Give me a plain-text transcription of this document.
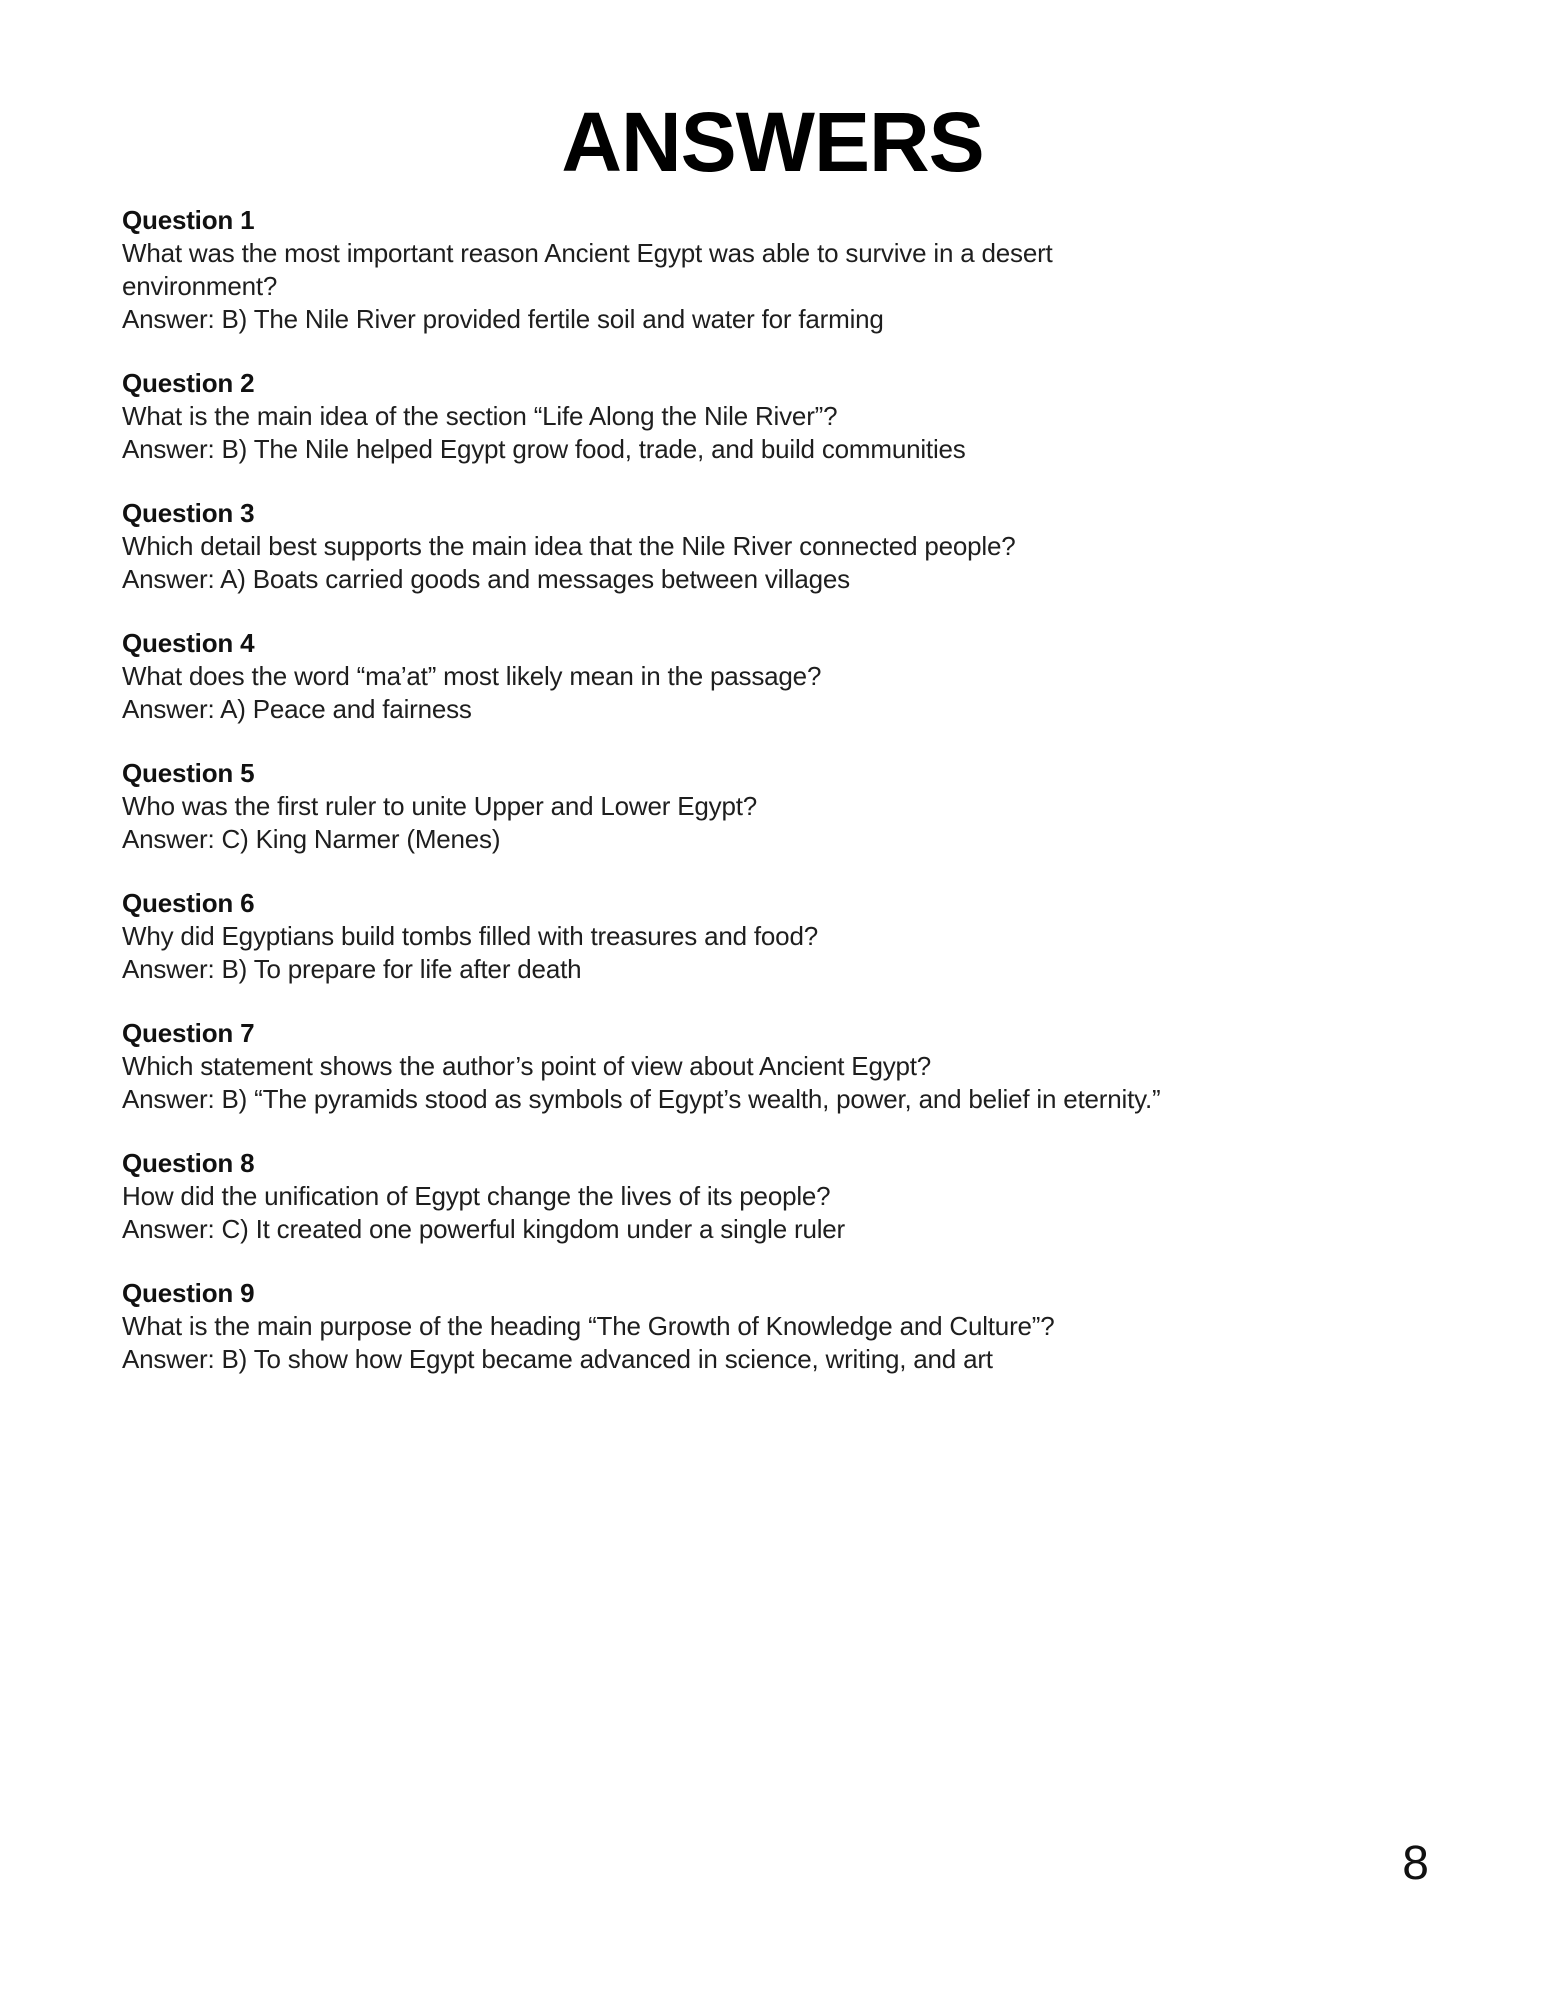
ANSWERS
Question 1
What was the most important reason Ancient Egypt was able to survive in a desert environment?
Answer: B) The Nile River provided fertile soil and water for farming
Question 2
What is the main idea of the section “Life Along the Nile River”?
Answer: B) The Nile helped Egypt grow food, trade, and build communities
Question 3
Which detail best supports the main idea that the Nile River connected people?
Answer: A) Boats carried goods and messages between villages
Question 4
What does the word “ma’at” most likely mean in the passage?
Answer: A) Peace and fairness
Question 5
Who was the first ruler to unite Upper and Lower Egypt?
Answer: C) King Narmer (Menes)
Question 6
Why did Egyptians build tombs filled with treasures and food?
Answer: B) To prepare for life after death
Question 7
Which statement shows the author’s point of view about Ancient Egypt?
Answer: B) “The pyramids stood as symbols of Egypt’s wealth, power, and belief in eternity.”
Question 8
How did the unification of Egypt change the lives of its people?
Answer: C) It created one powerful kingdom under a single ruler
Question 9
What is the main purpose of the heading “The Growth of Knowledge and Culture”?
Answer: B) To show how Egypt became advanced in science, writing, and art
8
